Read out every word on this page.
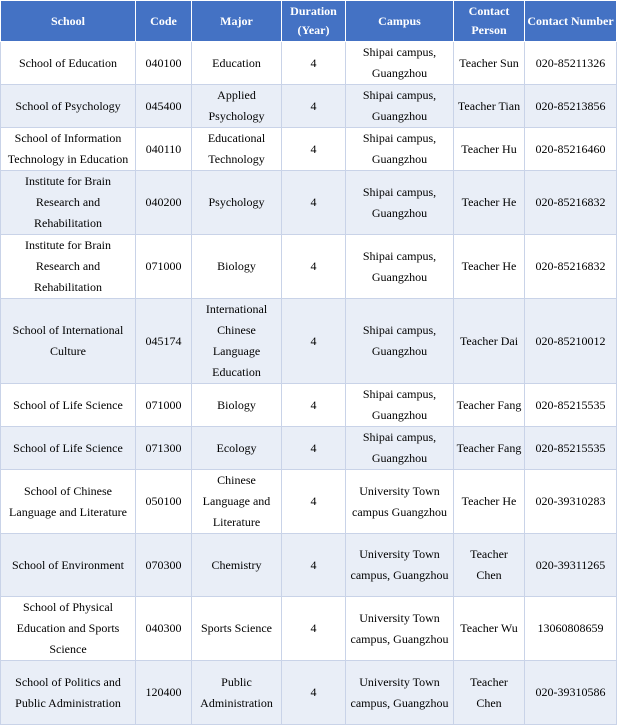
School	Code	Major	Duration (Year)	Campus	Contact Person	Contact Number
School of Education	040100	Education	4	Shipai campus, Guangzhou	Teacher Sun	020-85211326
School of Psychology	045400	Applied Psychology	4	Shipai campus, Guangzhou	Teacher Tian	020-85213856
School of Information Technology in Education	040110	Educational Technology	4	Shipai campus, Guangzhou	Teacher Hu	020-85216460
Institute for Brain Research and Rehabilitation	040200	Psychology	4	Shipai campus, Guangzhou	Teacher He	020-85216832
Institute for Brain Research and Rehabilitation	071000	Biology	4	Shipai campus, Guangzhou	Teacher He	020-85216832
School of International Culture	045174	International Chinese Language Education	4	Shipai campus, Guangzhou	Teacher Dai	020-85210012
School of Life Science	071000	Biology	4	Shipai campus, Guangzhou	Teacher Fang	020-85215535
School of Life Science	071300	Ecology	4	Shipai campus, Guangzhou	Teacher Fang	020-85215535
School of Chinese Language and Literature	050100	Chinese Language and Literature	4	University Town campus Guangzhou	Teacher He	020-39310283
School of Environment	070300	Chemistry	4	University Town campus, Guangzhou	Teacher Chen	020-39311265
School of Physical Education and Sports Science	040300	Sports Science	4	University Town campus, Guangzhou	Teacher Wu	13060808659
School of Politics and Public Administration	120400	Public Administration	4	University Town campus, Guangzhou	Teacher Chen	020-39310586
